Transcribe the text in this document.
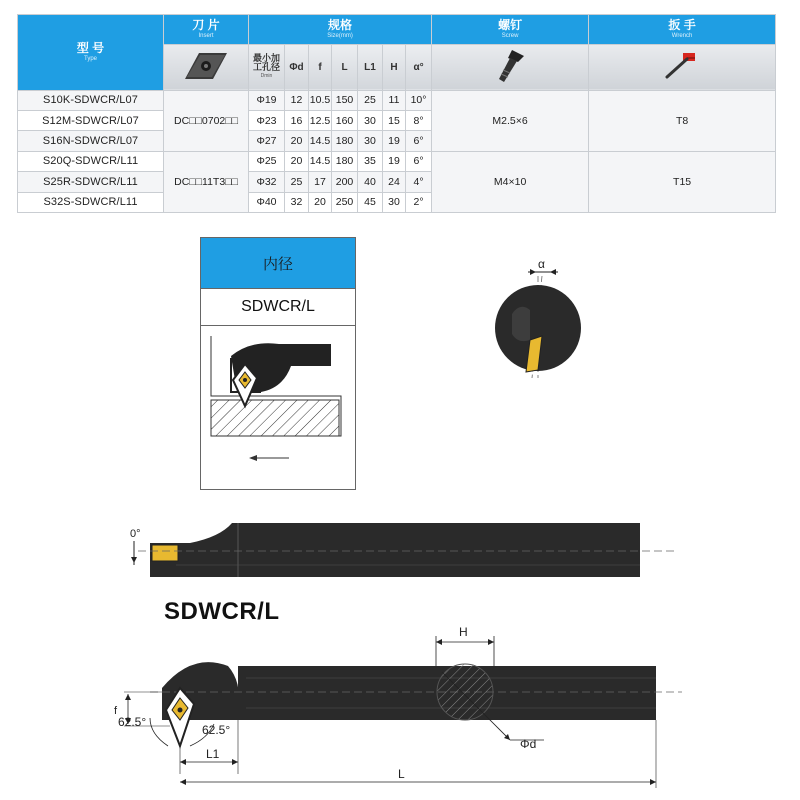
型 号
Type	刀 片
Insert	规格
Size(mm)							螺钉
Screw	扳 手
Wrench

最小加工孔径
Dmin	Φd	f	L	L1	H	α°		
S10K-SDWCR/L07	DC□□0702□□	Φ19	12	10.5	150	25	11	10°	M2.5×6	T8
S12M-SDWCR/L07		Φ23	16	12.5	160	30	15	8°		
S16N-SDWCR/L07		Φ27	20	14.5	180	30	19	6°		
S20Q-SDWCR/L11	DC□□11T3□□	Φ25	20	14.5	180	35	19	6°	M4×10	T15
S25R-SDWCR/L11		Φ32	25	17	200	40	24	4°		
S32S-SDWCR/L11		Φ40	32	20	250	45	30	2°		
内径
SDWCR/L
α
0°
SDWCR/L
H
Φd
f
62.5°
62.5°
L1
L
